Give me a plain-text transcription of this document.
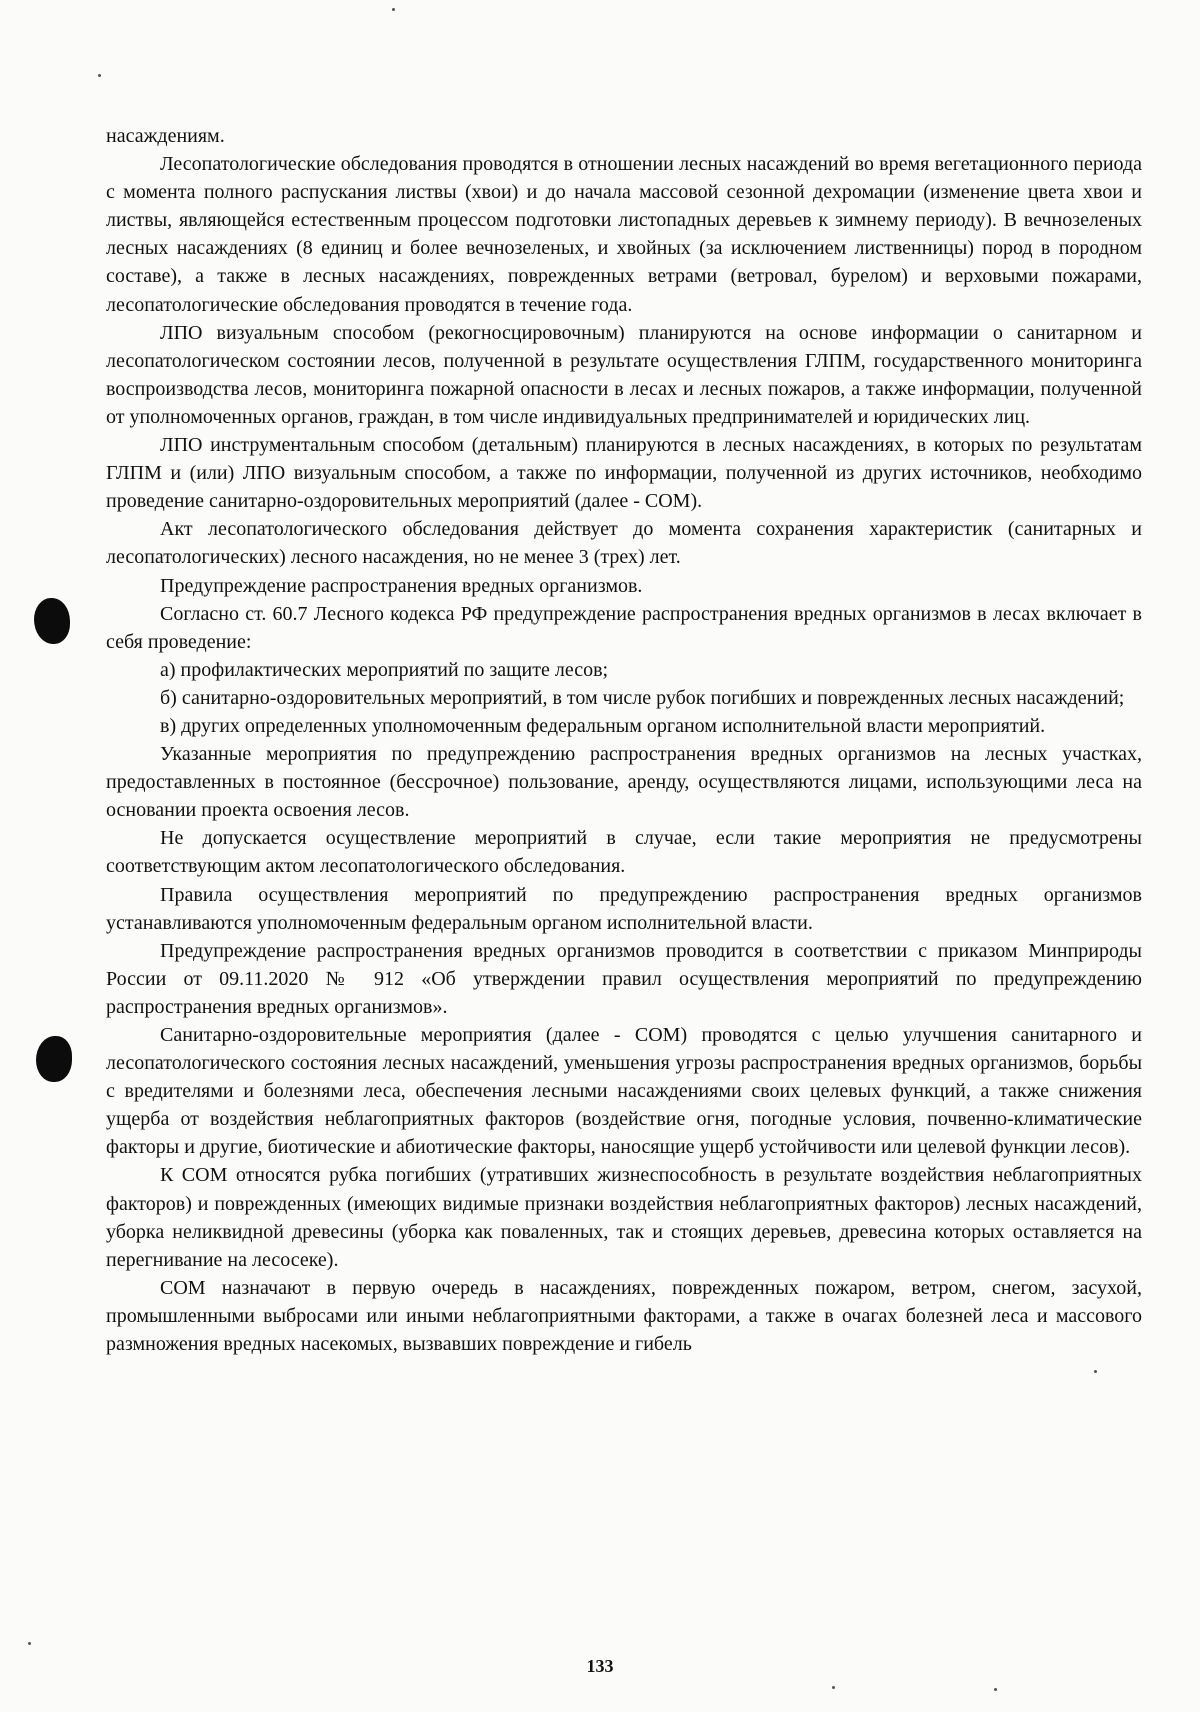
насаждениям.

Лесопатологические обследования проводятся в отношении лесных насаждений во время вегетационного периода с момента полного распускания листвы (хвои) и до начала массовой сезонной дехромации (изменение цвета хвои и листвы, являющейся естественным процессом подготовки листопадных деревьев к зимнему периоду). В вечнозеленых лесных насаждениях (8 единиц и более вечнозеленых, и хвойных (за исключением лиственницы) пород в породном составе), а также в лесных насаждениях, поврежденных ветрами (ветровал, бурелом) и верховыми пожарами, лесопатологические обследования проводятся в течение года.

ЛПО визуальным способом (рекогносцировочным) планируются на основе информации о санитарном и лесопатологическом состоянии лесов, полученной в результате осуществления ГЛПМ, государственного мониторинга воспроизводства лесов, мониторинга пожарной опасности в лесах и лесных пожаров, а также информации, полученной от уполномоченных органов, граждан, в том числе индивидуальных предпринимателей и юридических лиц.

ЛПО инструментальным способом (детальным) планируются в лесных насаждениях, в которых по результатам ГЛПМ и (или) ЛПО визуальным способом, а также по информации, полученной из других источников, необходимо проведение санитарно-оздоровительных мероприятий (далее - СОМ).

Акт лесопатологического обследования действует до момента сохранения характеристик (санитарных и лесопатологических) лесного насаждения, но не менее 3 (трех) лет.

Предупреждение распространения вредных организмов.

Согласно ст. 60.7 Лесного кодекса РФ предупреждение распространения вредных организмов в лесах включает в себя проведение:

а) профилактических мероприятий по защите лесов;

б) санитарно-оздоровительных мероприятий, в том числе рубок погибших и поврежденных лесных насаждений;

в) других определенных уполномоченным федеральным органом исполнительной власти мероприятий.

Указанные мероприятия по предупреждению распространения вредных организмов на лесных участках, предоставленных в постоянное (бессрочное) пользование, аренду, осуществляются лицами, использующими леса на основании проекта освоения лесов.

Не допускается осуществление мероприятий в случае, если такие мероприятия не предусмотрены соответствующим актом лесопатологического обследования.

Правила осуществления мероприятий по предупреждению распространения вредных организмов устанавливаются уполномоченным федеральным органом исполнительной власти.

Предупреждение распространения вредных организмов проводится в соответствии с приказом Минприроды России от 09.11.2020 № 912 «Об утверждении правил осуществления мероприятий по предупреждению распространения вредных организмов».

Санитарно-оздоровительные мероприятия (далее - СОМ) проводятся с целью улучшения санитарного и лесопатологического состояния лесных насаждений, уменьшения угрозы распространения вредных организмов, борьбы с вредителями и болезнями леса, обеспечения лесными насаждениями своих целевых функций, а также снижения ущерба от воздействия неблагоприятных факторов (воздействие огня, погодные условия, почвенно-климатические факторы и другие, биотические и абиотические факторы, наносящие ущерб устойчивости или целевой функции лесов).

К СОМ относятся рубка погибших (утративших жизнеспособность в результате воздействия неблагоприятных факторов) и поврежденных (имеющих видимые признаки воздействия неблагоприятных факторов) лесных насаждений, уборка неликвидной древесины (уборка как поваленных, так и стоящих деревьев, древесина которых оставляется на перегнивание на лесосеке).

СОМ назначают в первую очередь в насаждениях, поврежденных пожаром, ветром, снегом, засухой, промышленными выбросами или иными неблагоприятными факторами, а также в очагах болезней леса и массового размножения вредных насекомых, вызвавших повреждение и гибель

133
